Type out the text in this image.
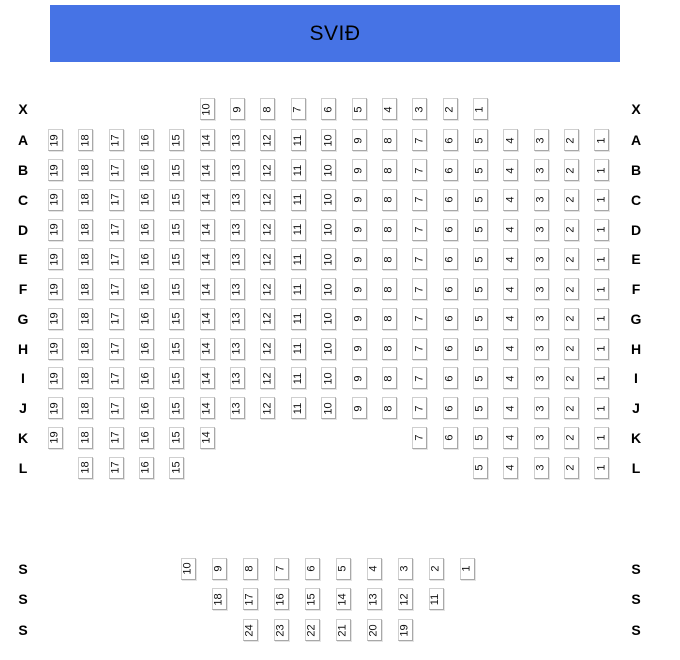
SVIÐ
X	X
10 9 8 7 6 5 4 3 2 1
A	A
19 18 17 16 15 14 13 12 11 10 9 8 7 6 5 4 3 2 1
B	B
19 18 17 16 15 14 13 12 11 10 9 8 7 6 5 4 3 2 1
C	C
19 18 17 16 15 14 13 12 11 10 9 8 7 6 5 4 3 2 1
D	D
19 18 17 16 15 14 13 12 11 10 9 8 7 6 5 4 3 2 1
E	E
19 18 17 16 15 14 13 12 11 10 9 8 7 6 5 4 3 2 1
F	F
19 18 17 16 15 14 13 12 11 10 9 8 7 6 5 4 3 2 1
G	G
19 18 17 16 15 14 13 12 11 10 9 8 7 6 5 4 3 2 1
H	H
19 18 17 16 15 14 13 12 11 10 9 8 7 6 5 4 3 2 1
I	I
19 18 17 16 15 14 13 12 11 10 9 8 7 6 5 4 3 2 1
J	J
19 18 17 16 15 14 13 12 11 10 9 8 7 6 5 4 3 2 1
K	K
19 18 17 16 15 14	7 6 5 4 3 2 1
L	L
18 17 16 15	5 4 3 2 1
S	S
10 9 8 7 6 5 4 3 2 1
S	S
18 17 16 15 14 13 12 11
S	S
24 23 22 21 20 19
